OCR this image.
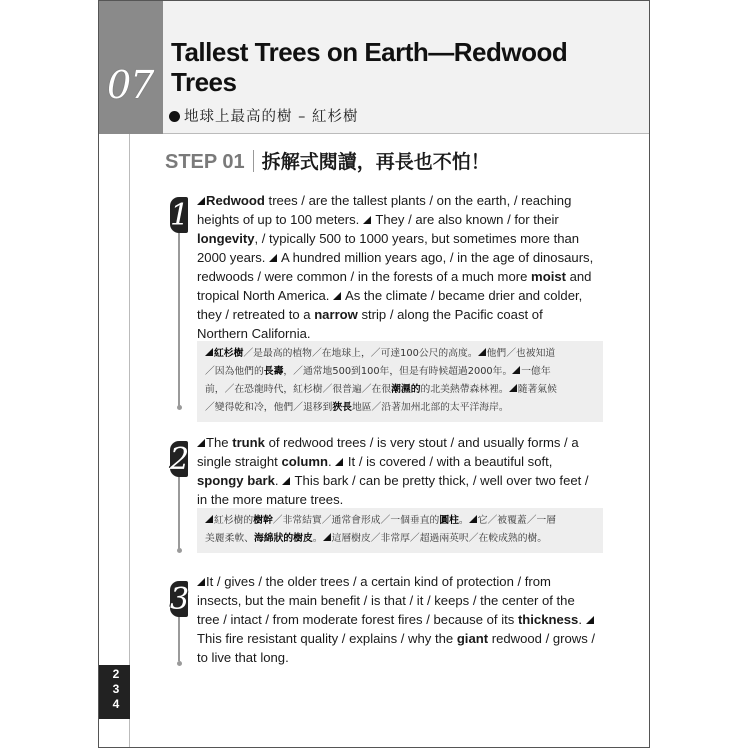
07
Tallest Trees on Earth—Redwood Trees
地球上最高的樹 – 紅杉樹
STEP 01 拆解式閱讀，再長也不怕！
1	Redwood trees / are the tallest plants / on the earth, / reaching heights of up to 100 meters.  They / are also known / for their longevity, / typically 500 to 1000 years, but sometimes more than 2000 years.  A hundred million years ago, / in the age of dinosaurs, redwoods / were common / in the forests of a much more moist and tropical North America.  As the climate / became drier and colder, they / retreated to a narrow strip / along the Pacific coast of Northern California.

紅杉樹／是最高的植物／在地球上，／可達100公尺的高度。 他們／也被知道
／因為他們的長壽，／通常地500到100年，但是有時候超過2000年。 一億年
前，／在恐龍時代，紅杉樹／很普遍／在很潮濕的的北美熱帶森林裡。 隨著氣候
／變得乾和冷，他們／退移到狹長地區／沿著加州北部的太平洋海岸。
2	The trunk of redwood trees / is very stout / and usually forms / a single straight column.  It / is covered / with a beautiful soft, spongy bark.  This bark / can be pretty thick, / well over two feet / in the more mature trees.

紅杉樹的樹幹／非常結實／通常會形成／一個垂直的圓柱。 它／被覆蓋／一層
美麗柔軟、海綿狀的樹皮。 這層樹皮／非常厚／超過兩英呎／在較成熟的樹。
3

It / gives / the older trees / a certain kind of protection / from insects, but the main benefit / is that / it / keeps / the center of the tree / intact / from moderate forest fires / because of its thickness.  This fire resistant quality / explains / why the giant redwood / grows / to live that long.

2
3
4
